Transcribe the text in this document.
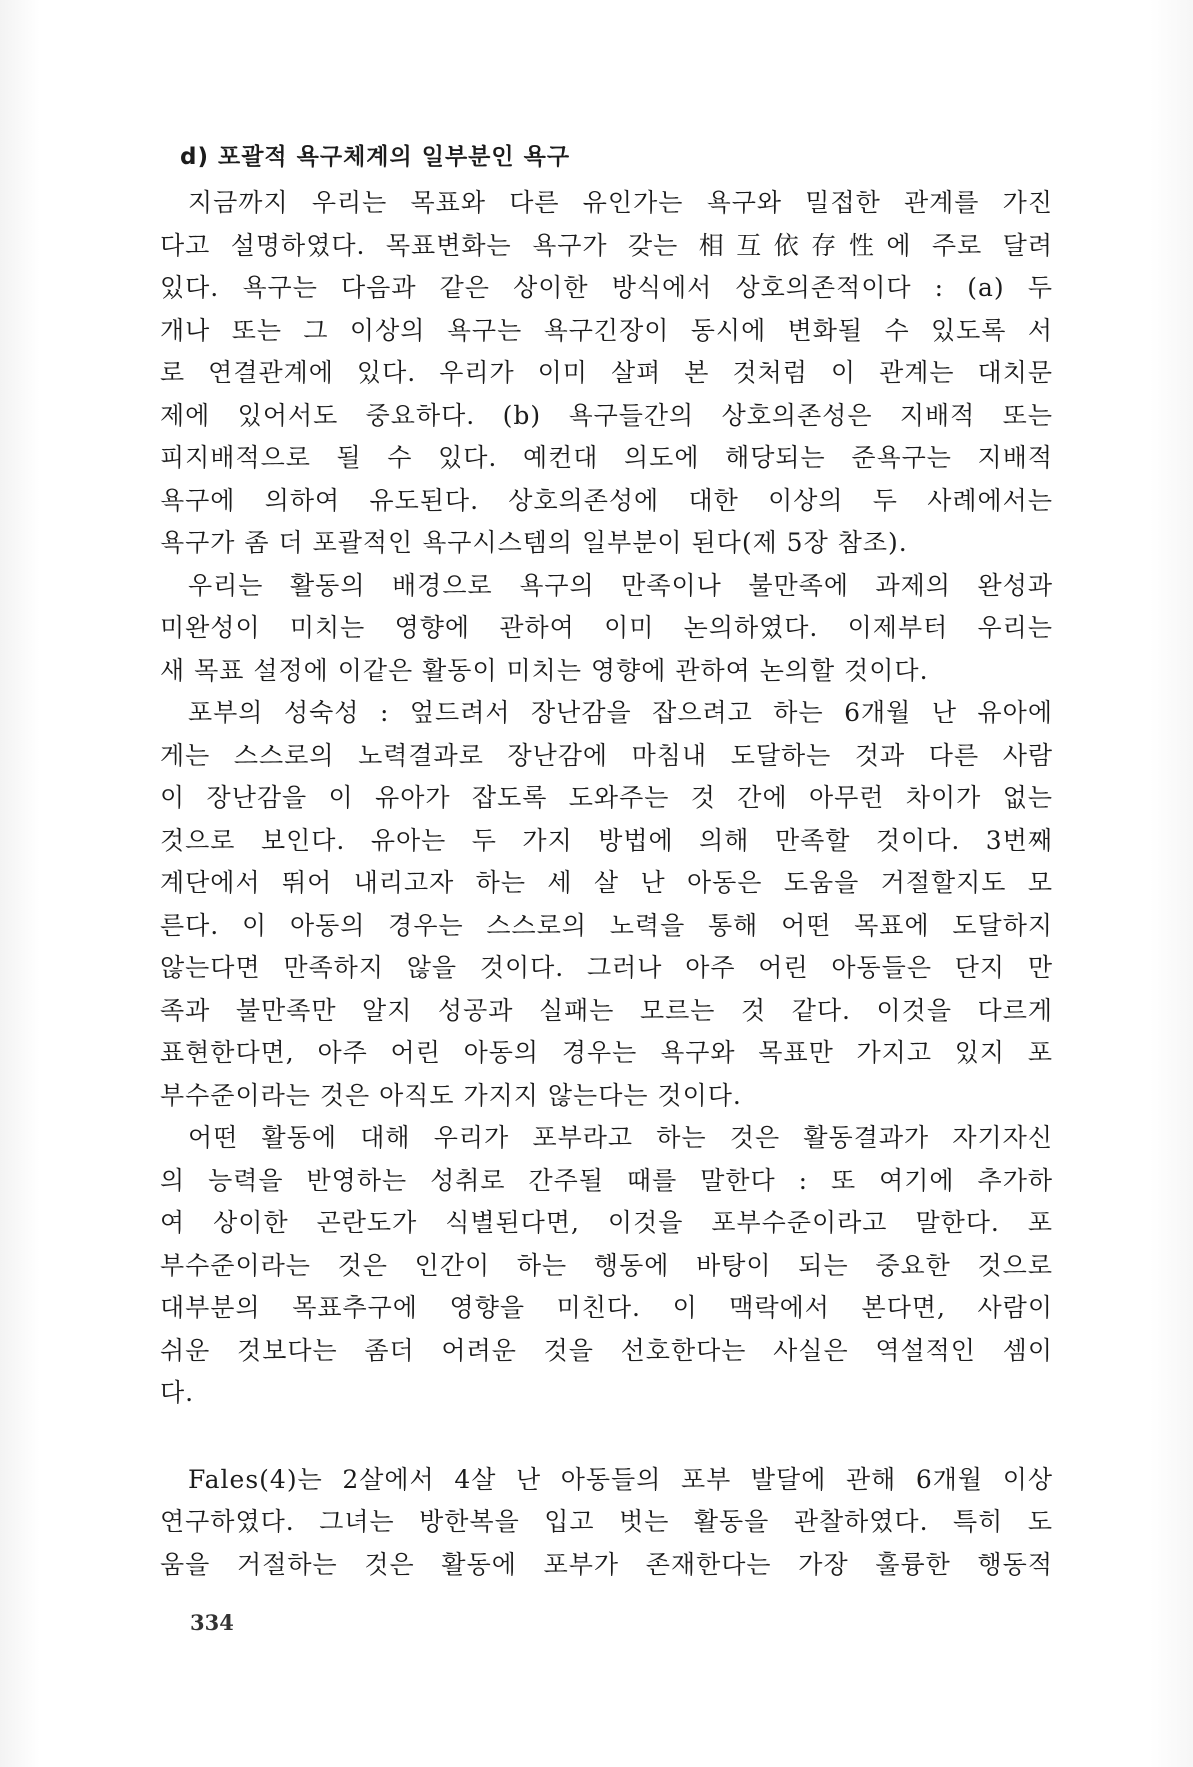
d) 포괄적 욕구체계의 일부분인 욕구
지금까지 우리는 목표와 다른 유인가는 욕구와 밀접한 관계를 가진
다고 설명하였다. 목표변화는 욕구가 갖는 相互依存性에 주로 달려
있다. 욕구는 다음과 같은 상이한 방식에서 상호의존적이다 : (a) 두
개나 또는 그 이상의 욕구는 욕구긴장이 동시에 변화될 수 있도록 서
로 연결관계에 있다. 우리가 이미 살펴 본 것처럼 이 관계는 대치문
제에 있어서도 중요하다. (b) 욕구들간의 상호의존성은 지배적 또는
피지배적으로 될 수 있다. 예컨대 의도에 해당되는 준욕구는 지배적
욕구에 의하여 유도된다. 상호의존성에 대한 이상의 두 사례에서는
욕구가 좀 더 포괄적인 욕구시스템의 일부분이 된다(제 5장 참조).
우리는 활동의 배경으로 욕구의 만족이나 불만족에 과제의 완성과
미완성이 미치는 영향에 관하여 이미 논의하였다. 이제부터 우리는
새 목표 설정에 이같은 활동이 미치는 영향에 관하여 논의할 것이다.
포부의 성숙성 : 엎드려서 장난감을 잡으려고 하는 6개월 난 유아에
게는 스스로의 노력결과로 장난감에 마침내 도달하는 것과 다른 사람
이 장난감을 이 유아가 잡도록 도와주는 것 간에 아무런 차이가 없는
것으로 보인다. 유아는 두 가지 방법에 의해 만족할 것이다. 3번째
계단에서 뛰어 내리고자 하는 세 살 난 아동은 도움을 거절할지도 모
른다. 이 아동의 경우는 스스로의 노력을 통해 어떤 목표에 도달하지
않는다면 만족하지 않을 것이다. 그러나 아주 어린 아동들은 단지 만
족과 불만족만 알지 성공과 실패는 모르는 것 같다. 이것을 다르게
표현한다면, 아주 어린 아동의 경우는 욕구와 목표만 가지고 있지 포
부수준이라는 것은 아직도 가지지 않는다는 것이다.
어떤 활동에 대해 우리가 포부라고 하는 것은 활동결과가 자기자신
의 능력을 반영하는 성취로 간주될 때를 말한다 : 또 여기에 추가하
여 상이한 곤란도가 식별된다면, 이것을 포부수준이라고 말한다. 포
부수준이라는 것은 인간이 하는 행동에 바탕이 되는 중요한 것으로
대부분의 목표추구에 영향을 미친다. 이 맥락에서 본다면, 사람이
쉬운 것보다는 좀더 어려운 것을 선호한다는 사실은 역설적인 셈이
다.
Fales(4)는 2살에서 4살 난 아동들의 포부 발달에 관해 6개월 이상
연구하였다. 그녀는 방한복을 입고 벗는 활동을 관찰하였다. 특히 도
움을 거절하는 것은 활동에 포부가 존재한다는 가장 훌륭한 행동적
334
